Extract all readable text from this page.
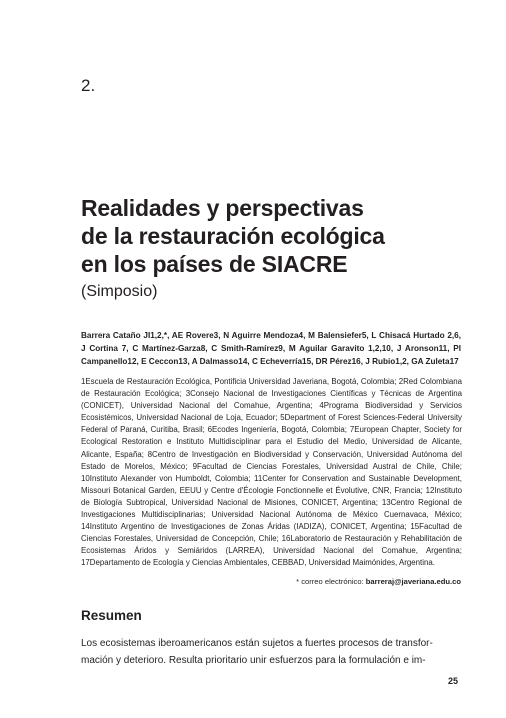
2.
Realidades y perspectivas
de la restauración ecológica
en los países de SIACRE
(Simposio)
Barrera Cataño JI1,2,*, AE Rovere3, N Aguirre Mendoza4, M Balensiefer5, L Chisacá Hurtado 2,6, J Cortina 7, C Martínez-Garza8, C Smith-Ramírez9, M Aguilar Garavito 1,2,10, J Aronson11, PI Campanello12, E Ceccon13, A Dalmasso14, C Echeverría15, DR Pérez16, J Rubio1,2, GA Zuleta17
1Escuela de Restauración Ecológica, Pontificia Universidad Javeriana, Bogotá, Colombia; 2Red Colombiana de Restauración Ecológica; 3Consejo Nacional de Investigaciones Científicas y Técnicas de Argentina (CONICET), Universidad Nacional del Comahue, Argentina; 4Programa Biodiversidad y Servicios Ecosistémicos, Universidad Nacional de Loja, Ecuador; 5Department of Forest Sciences-Federal University Federal of Paraná, Curitiba, Brasil; 6Ecodes Ingeniería, Bogotá, Colombia; 7European Chapter, Society for Ecological Restoration e Instituto Multidisciplinar para el Estudio del Medio, Universidad de Alicante, Alicante, España; 8Centro de Investigación en Biodiversidad y Conservación, Universidad Autónoma del Estado de Morelos, México; 9Facultad de Ciencias Forestales, Universidad Austral de Chile, Chile; 10Instituto Alexander von Humboldt, Colombia; 11Center for Conservation and Sustainable Development, Missouri Botanical Garden, EEUU y Centre d'Écologie Fonctionnelle et Évolutive, CNR, Francia; 12Instituto de Biología Subtropical, Universidad Nacional de Misiones, CONICET, Argentina; 13Centro Regional de Investigaciones Multidisciplinarias; Universidad Nacional Autónoma de México Cuernavaca, México; 14Instituto Argentino de Investigaciones de Zonas Áridas (IADIZA), CONICET, Argentina; 15Facultad de Ciencias Forestales, Universidad de Concepción, Chile; 16Laboratorio de Restauración y Rehabilitación de Ecosistemas Áridos y Semiáridos (LARREA), Universidad Nacional del Comahue, Argentina; 17Departamento de Ecología y Ciencias Ambientales, CEBBAD, Universidad Maimónides, Argentina.
* correo electrónico: barreraj@javeriana.edu.co
Resumen
Los ecosistemas iberoamericanos están sujetos a fuertes procesos de transfor-
mación y deterioro. Resulta prioritario unir esfuerzos para la formulación e im-
25
